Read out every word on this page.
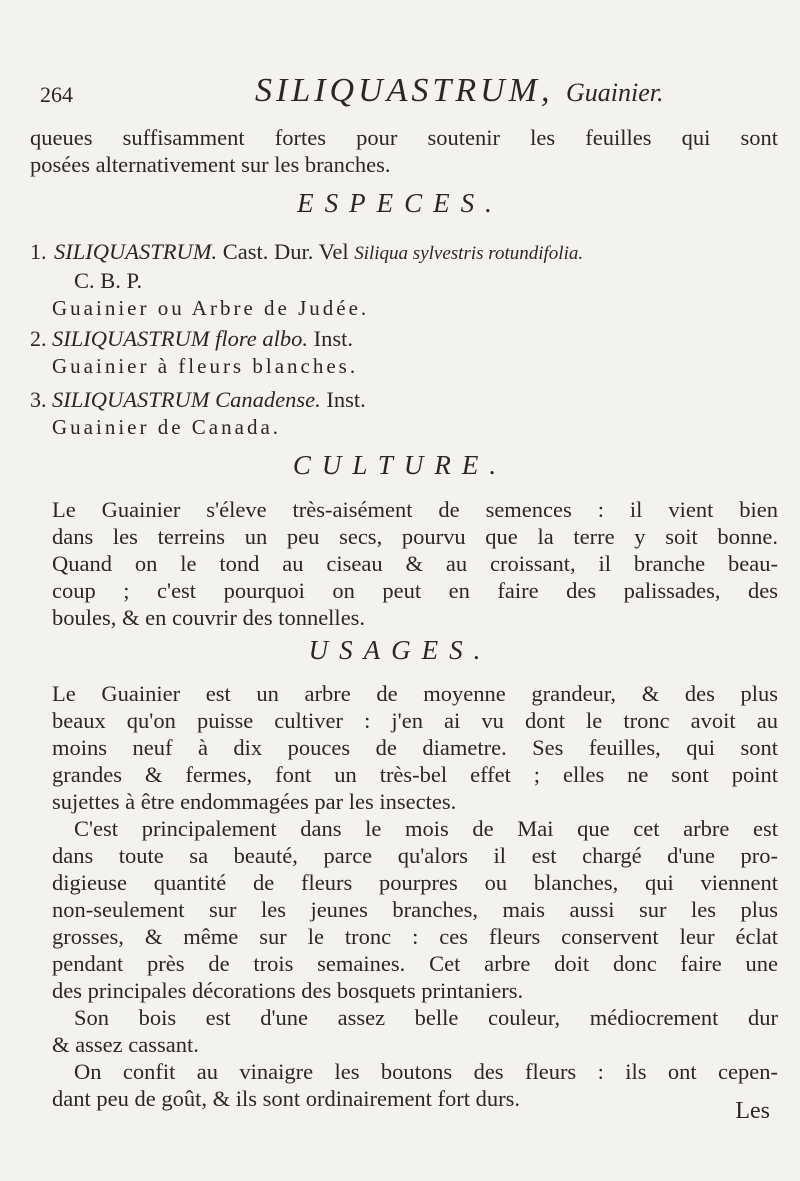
264	SILIQUASTRUM, Guainier.
queues suffisamment fortes pour soutenir les feuilles qui sont
posées alternativement sur les branches.
ESPECES.
1. SILIQUASTRUM. Cast. Dur. Vel Siliqua sylvestris rotundifolia.
C. B. P.
Guainier ou Arbre de Judée.
2. SILIQUASTRUM flore albo. Inst.
Guainier à fleurs blanches.
3. SILIQUASTRUM Canadense. Inst.
Guainier de Canada.
CULTURE.
Le Guainier s'éleve très-aisément de semences : il vient bien
dans les terreins un peu secs, pourvu que la terre y soit bonne.
Quand on le tond au ciseau & au croissant, il branche beau-
coup ; c'est pourquoi on peut en faire des palissades, des
boules, & en couvrir des tonnelles.
USAGES.
Le Guainier est un arbre de moyenne grandeur, & des plus
beaux qu'on puisse cultiver : j'en ai vu dont le tronc avoit au
moins neuf à dix pouces de diametre. Ses feuilles, qui sont
grandes & fermes, font un très-bel effet ; elles ne sont point
sujettes à être endommagées par les insectes.
C'est principalement dans le mois de Mai que cet arbre est
dans toute sa beauté, parce qu'alors il est chargé d'une pro-
digieuse quantité de fleurs pourpres ou blanches, qui viennent
non-seulement sur les jeunes branches, mais aussi sur les plus
grosses, & même sur le tronc : ces fleurs conservent leur éclat
pendant près de trois semaines. Cet arbre doit donc faire une
des principales décorations des bosquets printaniers.
Son bois est d'une assez belle couleur, médiocrement dur
& assez cassant.
On confit au vinaigre les boutons des fleurs : ils ont cepen-
dant peu de goût, & ils sont ordinairement fort durs.	Les
